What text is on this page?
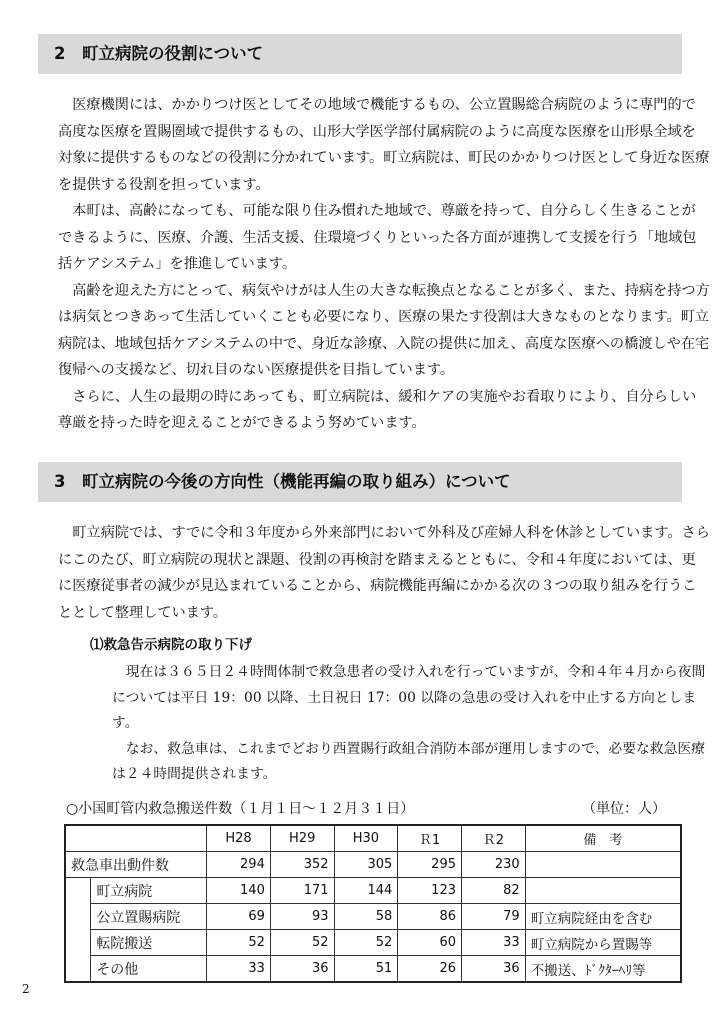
2　町立病院の役割について

　医療機関には、かかりつけ医としてその地域で機能するもの、公立置賜総合病院のように専門的で高度な医療を置賜圏域で提供するもの、山形大学医学部付属病院のように高度な医療を山形県全域を対象に提供するものなどの役割に分かれています。町立病院は、町民のかかりつけ医として身近な医療を提供する役割を担っています。

　本町は、高齢になっても、可能な限り住み慣れた地域で、尊厳を持って、自分らしく生きることができるように、医療、介護、生活支援、住環境づくりといった各方面が連携して支援を行う「地域包括ケアシステム」を推進しています。

　高齢を迎えた方にとって、病気やけがは人生の大きな転換点となることが多く、また、持病を持つ方は病気とつきあって生活していくことも必要になり、医療の果たす役割は大きなものとなります。町立病院は、地域包括ケアシステムの中で、身近な診療、入院の提供に加え、高度な医療への橋渡しや在宅復帰への支援など、切れ目のない医療提供を目指しています。

　さらに、人生の最期の時にあっても、町立病院は、緩和ケアの実施やお看取りにより、自分らしい尊厳を持った時を迎えることができるよう努めています。

3　町立病院の今後の方向性（機能再編の取り組み）について

　町立病院では、すでに令和３年度から外来部門において外科及び産婦人科を休診としています。さらにこのたび、町立病院の現状と課題、役割の再検討を踏まえるとともに、令和４年度においては、更に医療従事者の減少が見込まれていることから、病院機能再編にかかる次の３つの取り組みを行うこととして整理しています。

⑴救急告示病院の取り下げ

　現在は３６５日２４時間体制で救急患者の受け入れを行っていますが、令和４年４月から夜間については平日 19：00 以降、土日祝日 17：00 以降の急患の受け入れを中止する方向とします。

　なお、救急車は、これまでどおり西置賜行政組合消防本部が運用しますので、必要な救急医療は２４時間提供されます。

○小国町管内救急搬送件数（１月１日～１２月３１日）	（単位：人）
		H28	H29	H30	Ｒ1	Ｒ2	備　考
救急車出動件数		294	352	305	295	230	
	町立病院	140	171	144	123	82	
	公立置賜病院	69	93	58	86	79	町立病院経由を含む
	転院搬送	52	52	52	60	33	町立病院から置賜等
	その他	33	36	51	26	36	不搬送、ﾄﾞｸﾀｰﾍﾘ等
2
